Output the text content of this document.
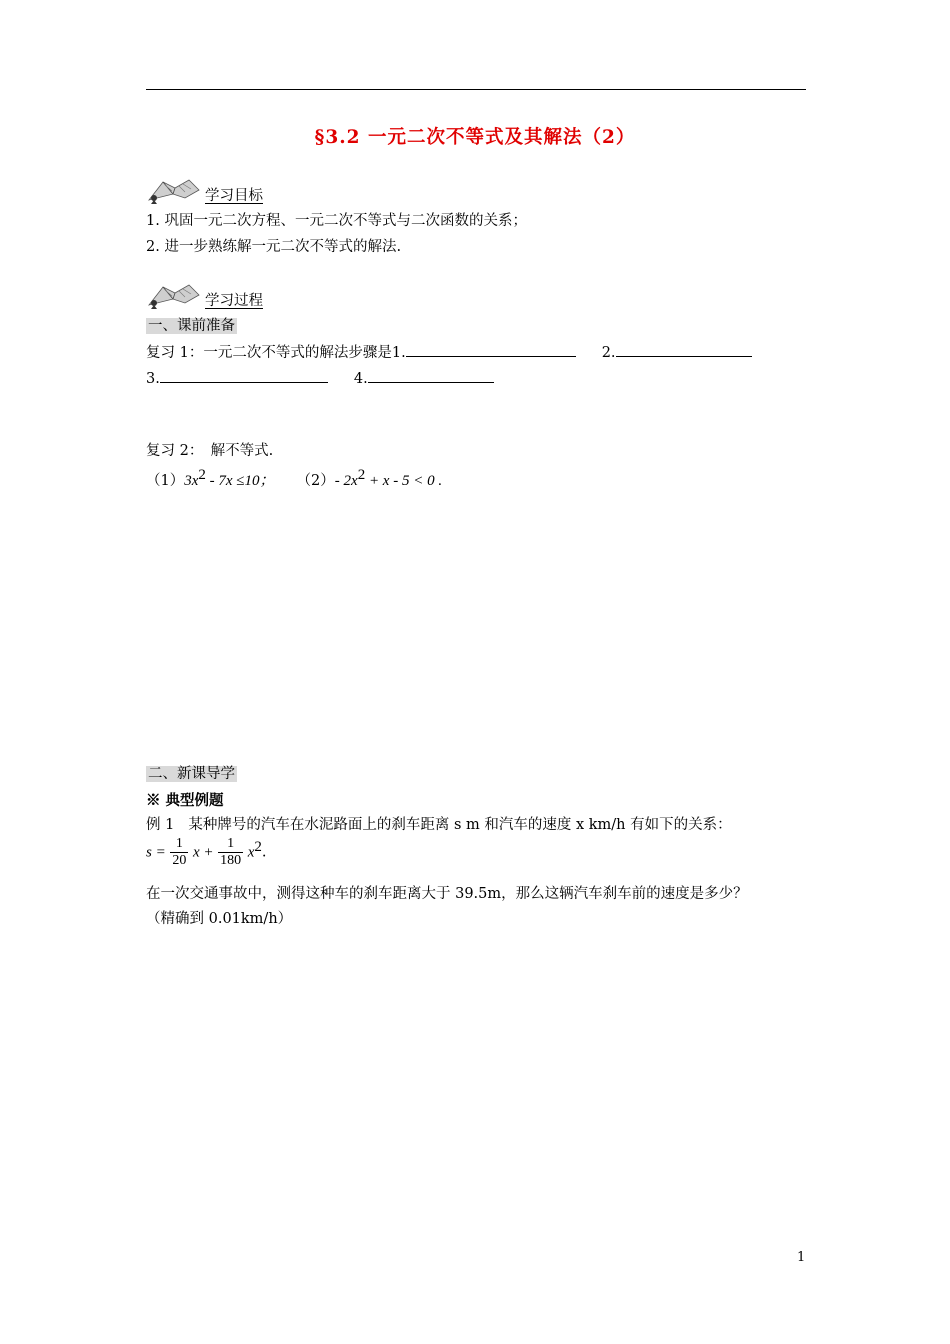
§3.2 一元二次不等式及其解法（2）
学习目标
1. 巩固一元二次方程、一元二次不等式与二次函数的关系；
2. 进一步熟练解一元二次不等式的解法.
学习过程
一、课前准备
复习 1：一元二次不等式的解法步骤是1.	2.
3.	4.
复习 2：　解不等式.
$(1)3x^2 - 7x \le 10$； （2）- $2x^2 + x - 5 < 0$ .
二、新课导学
※ 典型例题
例 1 某种牌号的汽车在水泥路面上的刹车距离 s m 和汽车的速度 x km/h 有如下的关系：
$s = \frac{1}{20}$ $x + \frac{1}{180} x^2$.
在一次交通事故中，测得这种车的刹车距离大于 39.5m，那么这辆汽车刹车前的速度是多少？
（精确到 0.01km/h）
1
